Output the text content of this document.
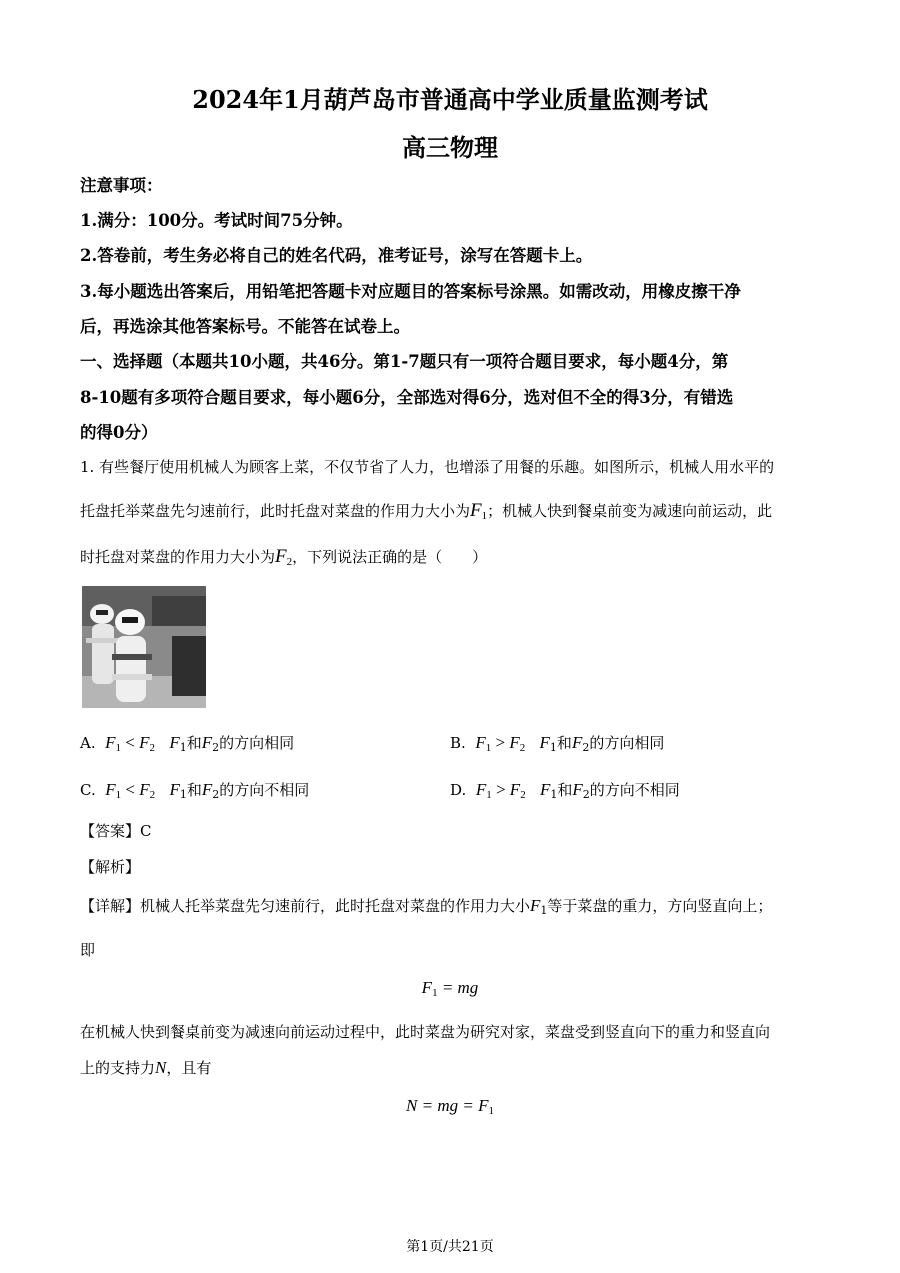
2024年1月葫芦岛市普通高中学业质量监测考试
高三物理
注意事项：
1.满分：100分。考试时间75分钟。
2.答卷前，考生务必将自己的姓名代码，准考证号，涂写在答题卡上。
3.每小题选出答案后，用铅笔把答题卡对应题目的答案标号涂黑。如需改动，用橡皮擦干净
后，再选涂其他答案标号。不能答在试卷上。
一、选择题（本题共10小题，共46分。第1-7题只有一项符合题目要求，每小题4分，第
8-10题有多项符合题目要求，每小题6分，全部选对得6分，选对但不全的得3分，有错选
的得0分）
1. 有些餐厅使用机械人为顾客上菜，不仅节省了人力，也增添了用餐的乐趣。如图所示，机械人用水平的
托盘托举菜盘先匀速前行，此时托盘对菜盘的作用力大小为$F_1$；机械人快到餐桌前变为减速向前运动，此
时托盘对菜盘的作用力大小为$F_2$，下列说法正确的是（　　）
A. $F_1 < F_2$ $F_1$和$F_2$的方向相同	B. $F_1 > F_2$ $F_1$和$F_2$的方向相同
C. $F_1 < F_2$ $F_1$和$F_2$的方向不相同	D. $F_1 > F_2$ $F_1$和$F_2$的方向不相同
【答案】C
【解析】
【详解】机械人托举菜盘先匀速前行，此时托盘对菜盘的作用力大小$F_1$等于菜盘的重力，方向竖直向上；
即
$F_1$ = mg
在机械人快到餐桌前变为减速向前运动过程中，此时菜盘为研究对家，菜盘受到竖直向下的重力和竖直向
上的支持力N，且有
N = mg = $F_1$
第1页/共21页
